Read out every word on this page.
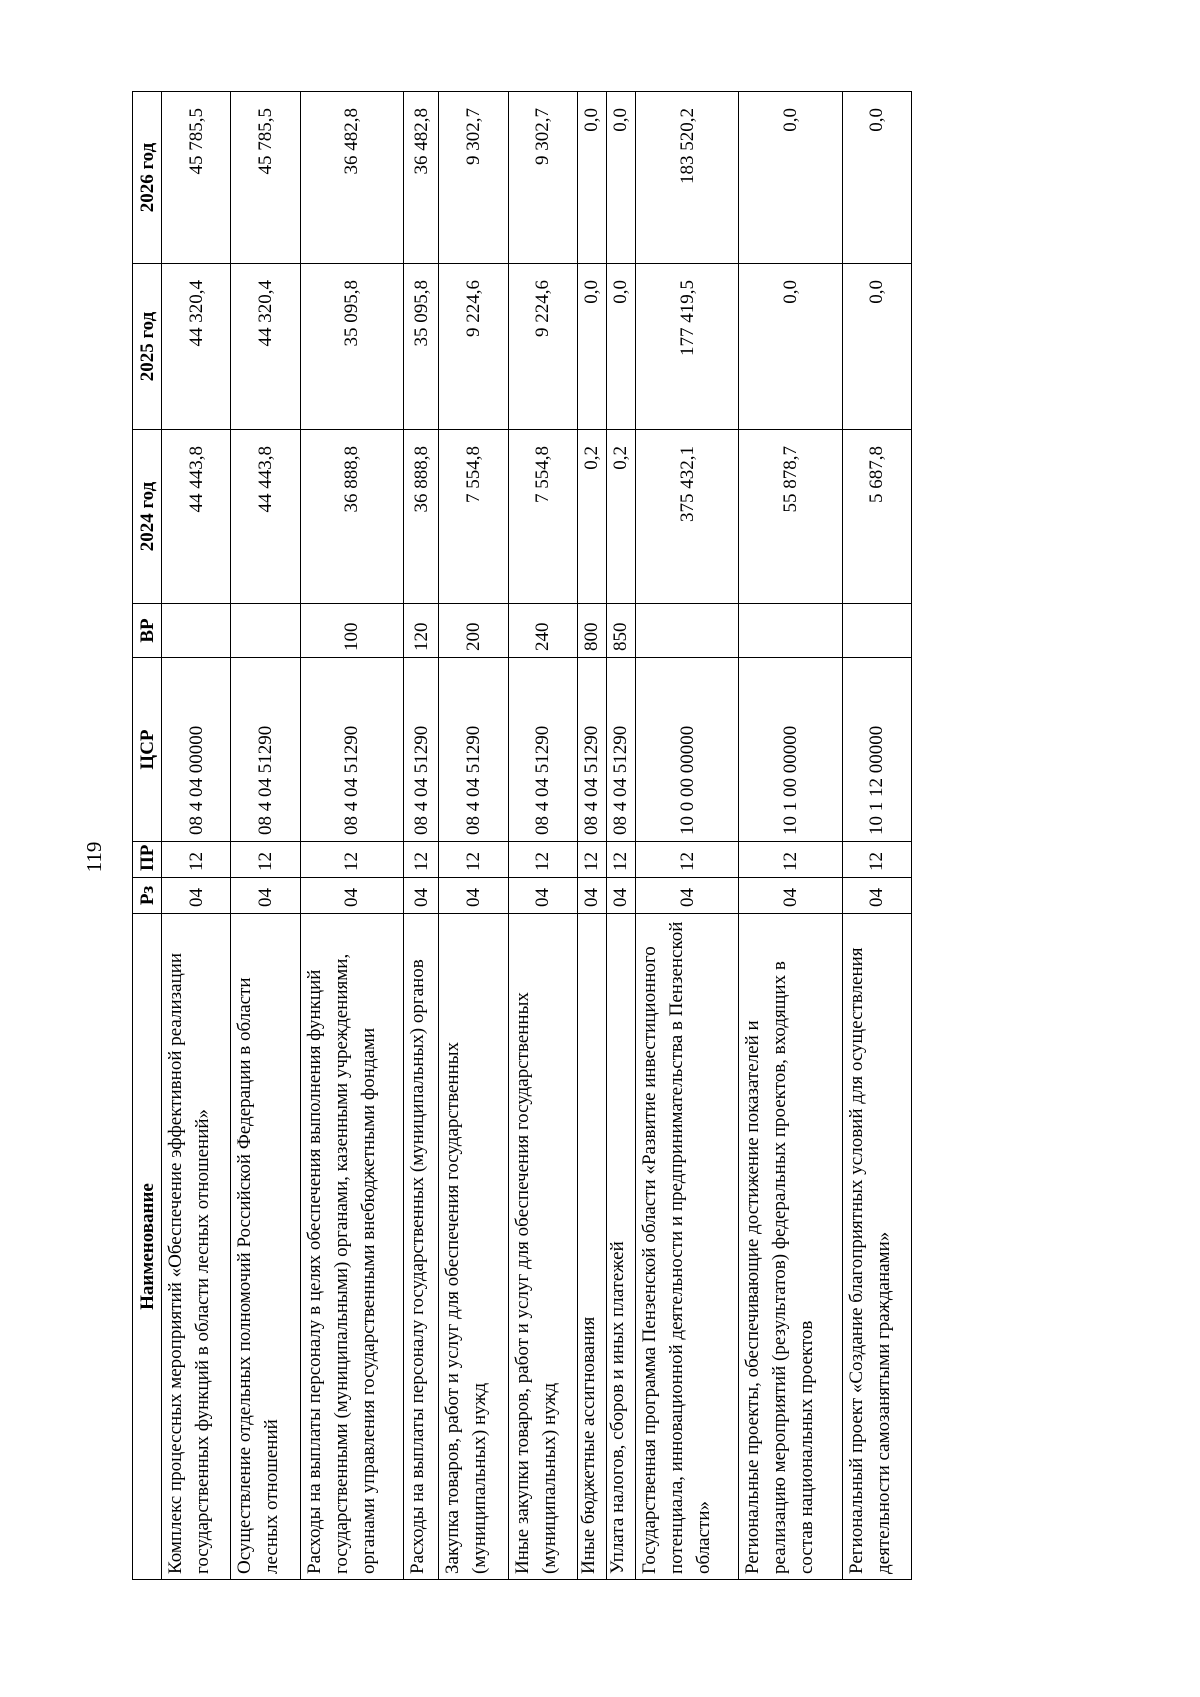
119
Наименование	Рз	ПР	ЦСР	ВР	2024 год	2025 год	2026 год
Комплекс процессных мероприятий «Обеспечение эффективной реализации государственных функций в области лесных отношений»	04	12	08 4 04 00000		44 443,8	44 320,4	45 785,5
Осуществление отдельных полномочий Российской Федерации в области лесных отношений	04	12	08 4 04 51290		44 443,8	44 320,4	45 785,5
Расходы на выплаты персоналу в целях обеспечения выполнения функций государственными (муниципальными) органами, казенными учреждениями, органами управления государственными внебюджетными фондами	04	12	08 4 04 51290	100	36 888,8	35 095,8	36 482,8
Расходы на выплаты персоналу государственных (муниципальных) органов	04	12	08 4 04 51290	120	36 888,8	35 095,8	36 482,8
Закупка товаров, работ и услуг для обеспечения государственных (муниципальных) нужд	04	12	08 4 04 51290	200	7 554,8	9 224,6	9 302,7
Иные закупки товаров, работ и услуг для обеспечения государственных (муниципальных) нужд	04	12	08 4 04 51290	240	7 554,8	9 224,6	9 302,7
Иные бюджетные ассигнования	04	12	08 4 04 51290	800	0,2	0,0	0,0
Уплата налогов, сборов и иных платежей	04	12	08 4 04 51290	850	0,2	0,0	0,0
Государственная программа Пензенской области «Развитие инвестиционного потенциала, инновационной деятельности и предпринимательства в Пензенской области»	04	12	10 0 00 00000		375 432,1	177 419,5	183 520,2
Региональные проекты, обеспечивающие достижение показателей и реализацию мероприятий (результатов) федеральных проектов, входящих в состав национальных проектов	04	12	10 1 00 00000		55 878,7	0,0	0,0
Региональный проект «Создание благоприятных условий для осуществления деятельности самозанятыми гражданами»	04	12	10 1 12 00000		5 687,8	0,0	0,0
